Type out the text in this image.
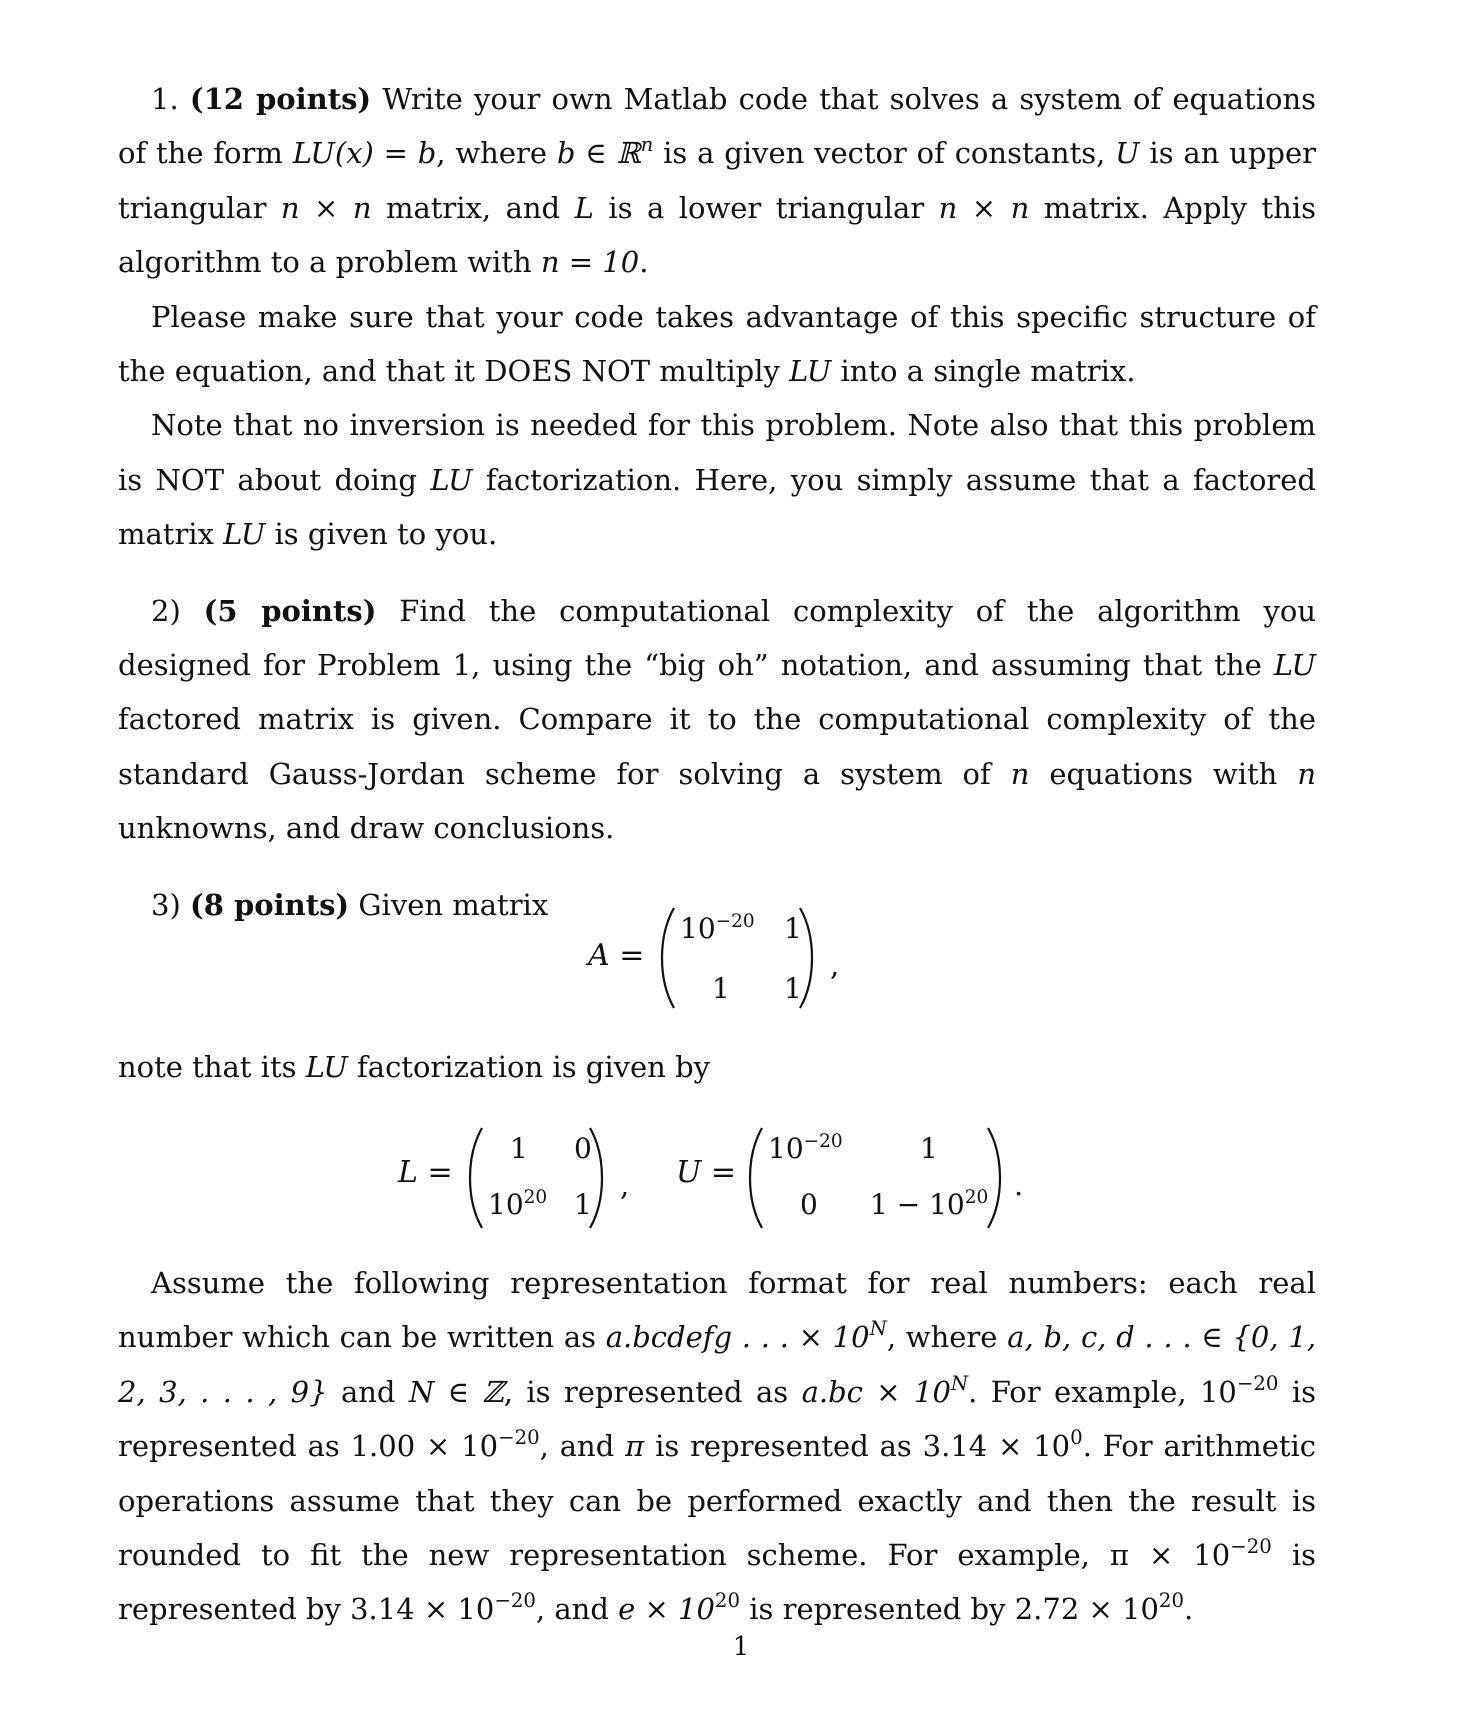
1. (12 points) Write your own Matlab code that solves a system of equations of the form LU(x) = b, where b ∈ ℝ$^n$ is a given vector of constants, U is an upper triangular n × n matrix, and L is a lower triangular n × n matrix. Apply this algorithm to a problem with n = 10.

Please make sure that your code takes advantage of this specific structure of the equation, and that it DOES NOT multiply LU into a single matrix.

Note that no inversion is needed for this problem. Note also that this problem is NOT about doing LU factorization. Here, you simply assume that a factored matrix LU is given to you.

2) (5 points) Find the computational complexity of the algorithm you designed for Problem 1, using the “big oh” notation, and assuming that the LU factored matrix is given. Compare it to the computational complexity of the standard Gauss-Jordan scheme for solving a system of n equations with n unknowns, and draw conclusions.

3) (8 points) Given matrix

A =
$10^{-20}$ 1
1 1
,

note that its LU factorization is given by

L =
1 0
$10^{20}$ 1
, U =
$10^{-20}$	1
0 $1 - 10^{20}$ .

Assume the following representation format for real numbers: each real number which can be written as a.bcdefg . . . × $10^N$, where a, b, c, d . . . ∈ {0, 1, 2, 3, . . . , 9} and N ∈ ℤ, is represented as $a.bc \times 10^N$. For example, $10^{-20}$ is represented as $1.00 \times 10^{-20}$, and π is represented as $3.14 \times 10^0$. For arithmetic operations assume that they can be performed exactly and then the result is rounded to fit the new representation scheme. For example, $\pi \times 10^{-20}$ is represented by $3.14 \times 10^{-20}$, and $e \times 10^{20}$ is represented by $2.72 \times 10^{20}$.

1
